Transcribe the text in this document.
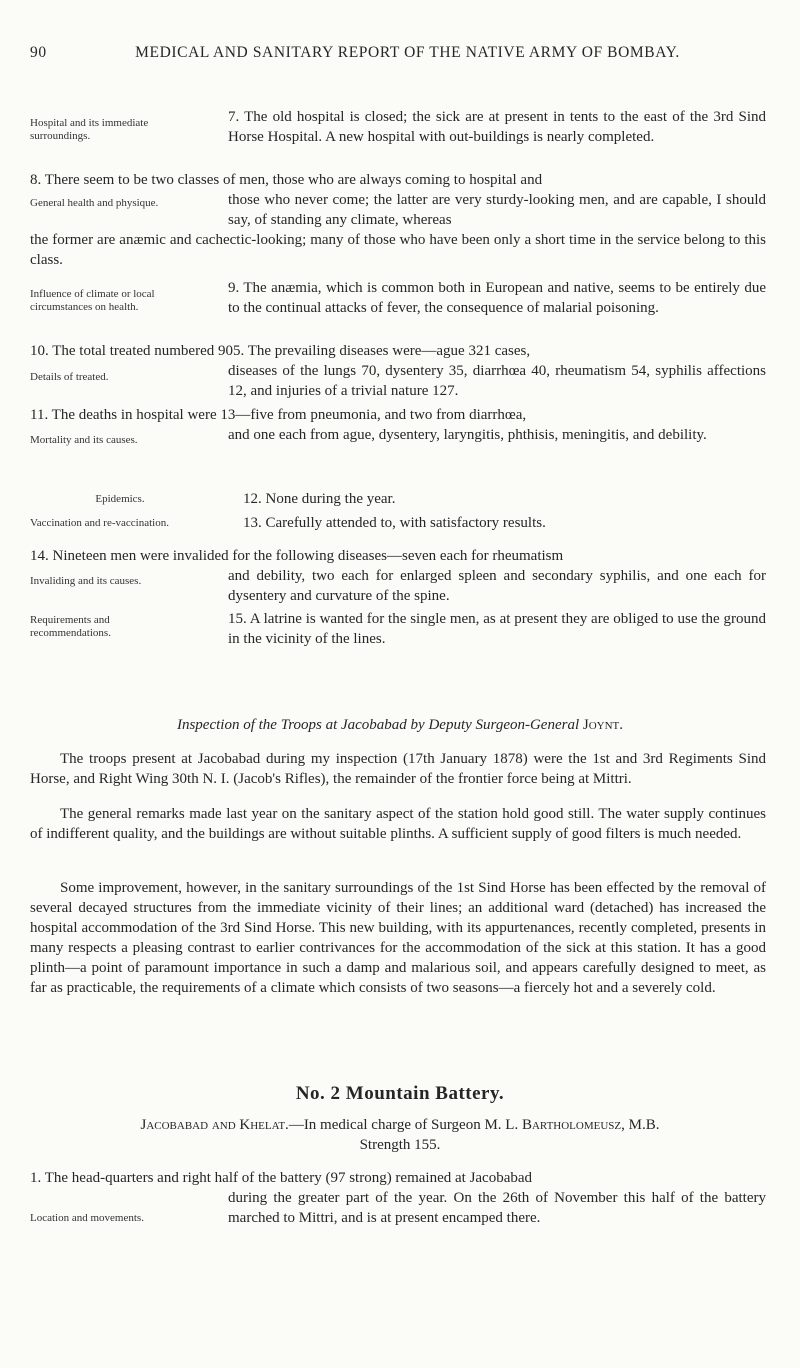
90	MEDICAL AND SANITARY REPORT OF THE NATIVE ARMY OF BOMBAY.

Hospital and its immediate surroundings.

7. The old hospital is closed; the sick are at present in tents to the east of the 3rd Sind Horse Hospital. A new hospital with out-buildings is nearly completed.

8. There seem to be two classes of men, those who are always coming to hospital and

General health and physique.	those who never come; the latter are very sturdy-looking men, and are capable, I should say, of standing any climate, whereas

the former are anæmic and cachectic-looking; many of those who have been only a short time in the service belong to this class.

Influence of climate or local circumstances on health.

9. The anæmia, which is common both in European and native, seems to be entirely due to the continual attacks of fever, the consequence of malarial poisoning.

10. The total treated numbered 905. The prevailing diseases were—ague 321 cases,

Details of treated.	diseases of the lungs 70, dysentery 35, diarrhœa 40, rheumatism 54, syphilis affections 12, and injuries of a trivial nature 127.

11. The deaths in hospital were 13—five from pneumonia, and two from diarrhœa,

Mortality and its causes.	and one each from ague, dysentery, laryngitis, phthisis, meningitis, and debility.

Epidemics.	12. None during the year.

Vaccination and re-vaccination.	13. Carefully attended to, with satisfactory results.

14. Nineteen men were invalided for the following diseases—seven each for rheumatism

Invaliding and its causes.	and debility, two each for enlarged spleen and secondary syphilis, and one each for dysentery and curvature of the spine.

Requirements and recommendations.

15. A latrine is wanted for the single men, as at present they are obliged to use the ground in the vicinity of the lines.

Inspection of the Troops at Jacobabad by Deputy Surgeon-General Joynt.

The troops present at Jacobabad during my inspection (17th January 1878) were the 1st and 3rd Regiments Sind Horse, and Right Wing 30th N. I. (Jacob's Rifles), the remainder of the frontier force being at Mittri.

The general remarks made last year on the sanitary aspect of the station hold good still. The water supply continues of indifferent quality, and the buildings are without suitable plinths. A sufficient supply of good filters is much needed.

Some improvement, however, in the sanitary surroundings of the 1st Sind Horse has been effected by the removal of several decayed structures from the immediate vicinity of their lines; an additional ward (detached) has increased the hospital accommodation of the 3rd Sind Horse. This new building, with its appurtenances, recently completed, presents in many respects a pleasing contrast to earlier contrivances for the accommodation of the sick at this station. It has a good plinth—a point of paramount importance in such a damp and malarious soil, and appears carefully designed to meet, as far as practicable, the requirements of a climate which consists of two seasons—a fiercely hot and a severely cold.

No. 2 Mountain Battery.

Jacobabad and Khelat.—In medical charge of Surgeon M. L. Bartholomeusz, M.B.

Strength 155.

1. The head-quarters and right half of the battery (97 strong) remained at Jacobabad

Location and movements.

during the greater part of the year. On the 26th of November this half of the battery marched to Mittri, and is at present encamped there.
